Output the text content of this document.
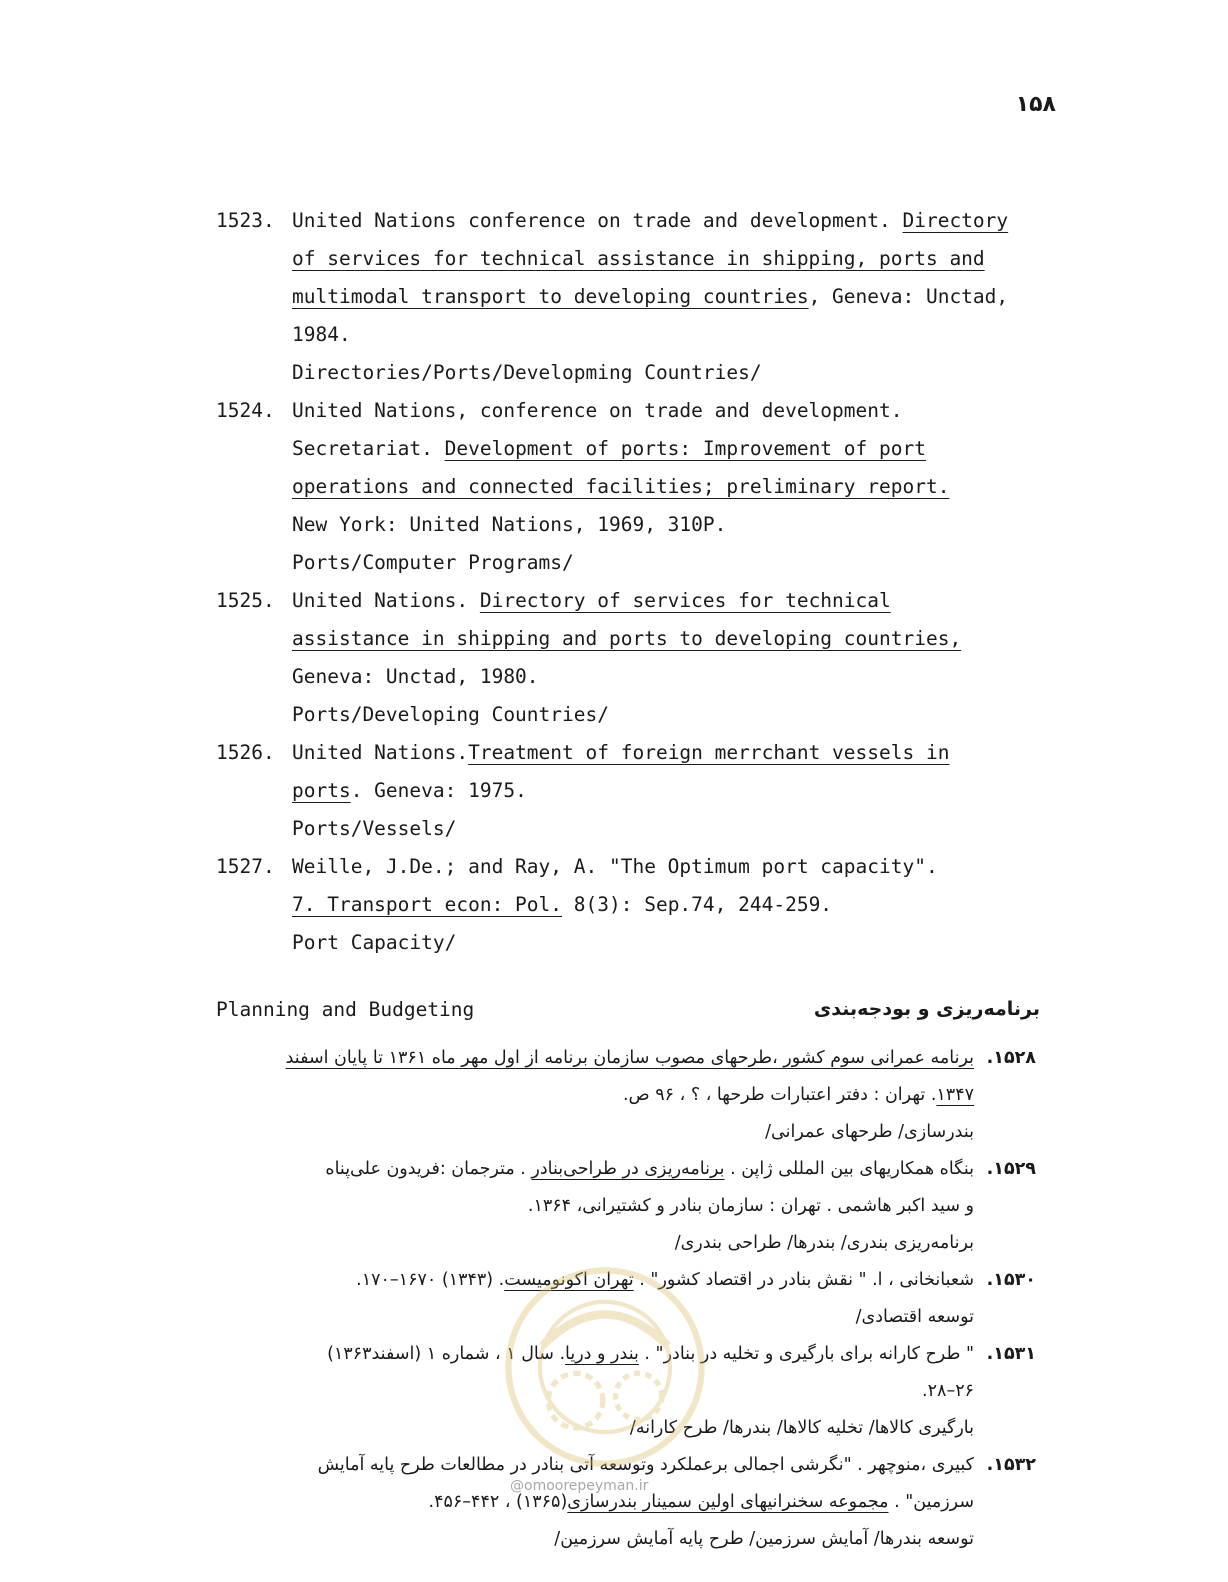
۱۵۸
1523. United Nations conference on trade and development. Directory
of services for technical assistance in shipping, ports and
multimodal transport to developing countries, Geneva: Unctad,
1984.
Directories/Ports/Developming Countries/
1524. United Nations, conference on trade and development.
Secretariat. Development of ports: Improvement of port
operations and connected facilities; preliminary report.
New York: United Nations, 1969, 310P.
Ports/Computer Programs/
1525. United Nations. Directory of services for technical
assistance in shipping and ports to developing countries,
Geneva: Unctad, 1980.
Ports/Developing Countries/
1526. United Nations.Treatment of foreign merrchant vessels in
ports. Geneva: 1975.
Ports/Vessels/
1527. Weille, J.De.; and Ray, A. "The Optimum port capacity".
7. Transport econ: Pol. 8(3): Sep.74, 244-259.
Port Capacity/
Planning and Budgeting	برنامه‌ریزی و بودجه‌بندی
۱۵۲۸.
برنامه عمرانی سوم کشور ،طرحهای مصوب سازمان برنامه از اول مهر ماه ۱۳۶۱ تا پایان اسفند
۱۳۴۷. تهران : دفتر اعتبارات طرحها ، ؟ ، ۹۶ ص.
بندرسازی/ طرحهای عمرانی/
۱۵۲۹.
بنگاه همکاریهای بین المللی ژاپن . برنامه‌ریزی در طراحی‌بنادر . مترجمان :فریدون علی‌پناه
و سید اکبر هاشمی . تهران : سازمان بنادر و کشتیرانی، ۱۳۶۴.
برنامه‌ریزی بندری/ بندرها/ طراحی بندری/
۱۵۳۰.
شعبانخانی ، ا. " نقش بنادر در اقتصاد کشور" . تهران اکونومیست. (۱۳۴۳) ۱۶۷۰–۱۷۰.
توسعه اقتصادی/
۱۵۳۱.
" طرح کارانه برای بارگیری و تخلیه در بنادر" . بندر و دریا. سال ۱ ، شماره ۱ (اسفند۱۳۶۳)
۲۶–۲۸.
بارگیری کالاها/ تخلیه کالاها/ بندرها/ طرح کارانه/
۱۵۳۲.
کبیری ،منوچهر . "نگرشی اجمالی برعملکرد وتوسعه آتی بنادر در مطالعات طرح پایه آمایش
سرزمین" . مجموعه‌ سخنرانیهای اولین سمینار بندرسازی(۱۳۶۵) ، ۴۴۲–۴۵۶.
توسعه بندرها/ آمایش سرزمین/ طرح پایه آمایش سرزمین/
@omoorepeyman.ir
